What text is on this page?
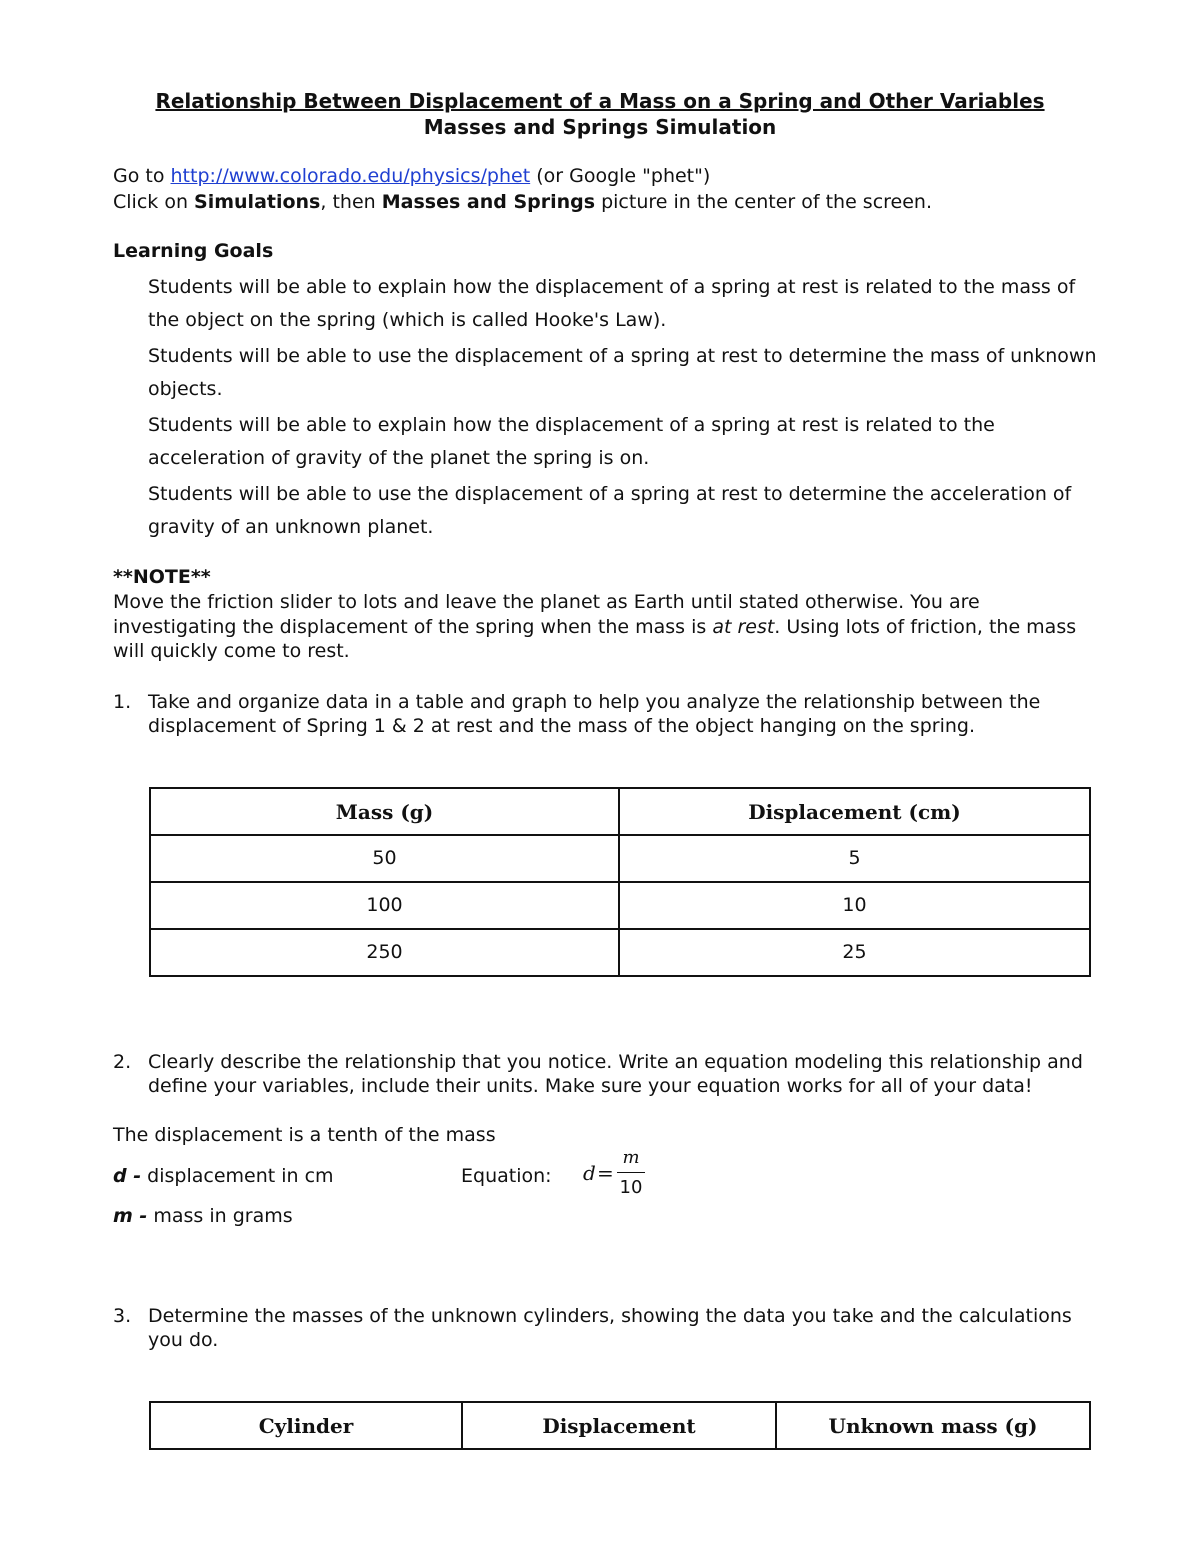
Relationship Between Displacement of a Mass on a Spring and Other Variables
Masses and Springs Simulation
Go to http://www.colorado.edu/physics/phet (or Google "phet")
Click on Simulations, then Masses and Springs picture in the center of the screen.
Learning Goals
Students will be able to explain how the displacement of a spring at rest is related to the mass of the object on the spring (which is called Hooke's Law).
Students will be able to use the displacement of a spring at rest to determine the mass of unknown objects.
Students will be able to explain how the displacement of a spring at rest is related to the acceleration of gravity of the planet the spring is on.
Students will be able to use the displacement of a spring at rest to determine the acceleration of gravity of an unknown planet.
**NOTE**
Move the friction slider to lots and leave the planet as Earth until stated otherwise. You are
investigating the displacement of the spring when the mass is at rest. Using lots of friction, the mass
will quickly come to rest.
1. Take and organize data in a table and graph to help you analyze the relationship between the displacement of Spring 1 & 2 at rest and the mass of the object hanging on the spring.
Mass (g)	Displacement (cm)
50	5
100	10
250	25
2. Clearly describe the relationship that you notice. Write an equation modeling this relationship and define your variables, include their units. Make sure your equation works for all of your data!
The displacement is a tenth of the mass
d - displacement in cm	Equation: d =
m
10
m - mass in grams
3. Determine the masses of the unknown cylinders, showing the data you take and the calculations you do.
Cylinder	Displacement	Unknown mass (g)
